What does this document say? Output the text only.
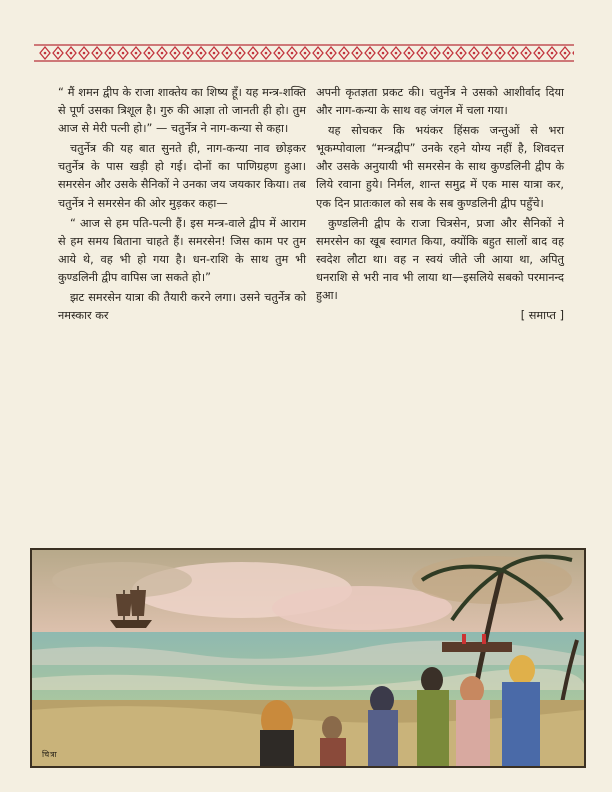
“ मैं शमन द्वीप के राजा शाक्तेय का शिष्य हूँ। यह मन्त्र-शक्ति से पूर्ण उसका त्रिशूल है। गुरु की आज्ञा तो जानती ही हो। तुम आज से मेरी पत्नी हो।” — चतुर्नेत्र ने नाग-कन्या से कहा।

चतुर्नेत्र की यह बात सुनते ही, नाग-कन्या नाव छोड़कर चतुर्नेत्र के पास खड़ी हो गई। दोनों का पाणिग्रहण हुआ। समरसेन और उसके सैनिकों ने उनका जय जयकार किया। तब चतुर्नेत्र ने समरसेन की ओर मुड़कर कहा—

“ आज से हम पति-पत्नी हैं। इस मन्त्र-वाले द्वीप में आराम से हम समय बिताना चाहते हैं। समरसेन! जिस काम पर तुम आये थे, वह भी हो गया है। धन-राशि के साथ तुम भी कुण्डलिनी द्वीप वापिस जा सकते हो।”

झट समरसेन यात्रा की तैयारी करने लगा। उसने चतुर्नेत्र को नमस्कार कर

अपनी कृतज्ञता प्रकट की। चतुर्नेत्र ने उसको आशीर्वाद दिया और नाग-कन्या के साथ वह जंगल में चला गया।

यह सोचकर कि भयंकर हिंसक जन्तुओं से भरा भूकम्पोवाला “मन्त्रद्वीप” उनके रहने योग्य नहीं है, शिवदत्त और उसके अनुयायी भी समरसेन के साथ कुण्डलिनी द्वीप के लिये रवाना हुये। निर्मल, शान्त समुद्र में एक मास यात्रा कर, एक दिन प्रातःकाल को सब के सब कुण्डलिनी द्वीप पहुँचे।

कुण्डलिनी द्वीप के राजा चित्रसेन, प्रजा और सैनिकों ने समरसेन का खूब स्वागत किया, क्योंकि बहुत सालों बाद वह स्वदेश लौटा था। वह न स्वयं जीते जी आया था, अपितु धनराशि से भरी नाव भी लाया था—इसलिये सबको परमानन्द हुआ।

[ समाप्त ]
चित्रा
